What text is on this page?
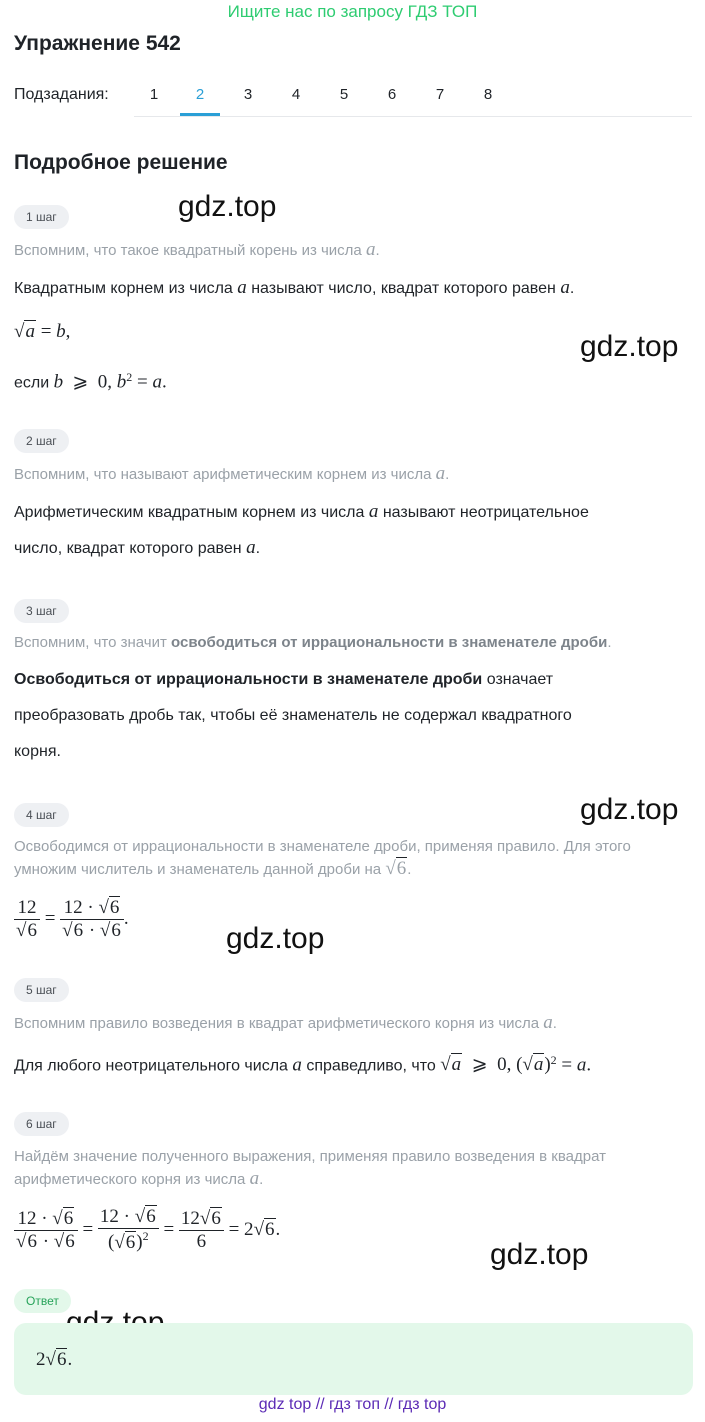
Ищите нас по запросу ГДЗ ТОП
Упражнение 542
Подзадания:	1	2	3	4	5	6	7	8
Подробное решение
gdz.top
gdz.top
gdz.top
gdz.top
gdz.top
1 шаг
Вспомним, что такое квадратный корень из числа a.
Квадратным корнем из числа a называют число, квадрат которого равен a.
√a = b,
если b  ⩾  0, $b^2 = a$.
2 шаг
Вспомним, что называют арифметическим корнем из числа a.
Арифметическим квадратным корнем из числа a называют неотрицательное
число, квадрат которого равен a.
3 шаг
Вспомним, что значит освободиться от иррациональности в знаменателе дроби.
Освободиться от иррациональности в знаменателе дроби означает
преобразовать дробь так, чтобы её знаменатель не содержал квадратного
корня.
4 шаг
Освободимся от иррациональности в знаменателе дроби, применяя правило. Для этого
умножим числитель и знаменатель данной дроби на √6.
$\frac{12}{√6} = \frac{12 \cdot √6}{√6 \cdot √6}$ .
5 шаг
Вспомним правило возведения в квадрат арифметического корня из числа a.
Для любого неотрицательного числа a справедливо, что √a  ⩾  0, $(√a)^2 = a$.
6 шаг
Найдём значение полученного выражения, применяя правило возведения в квадрат
арифметического корня из числа a.
$\frac{12 \cdot √6}{√6 \cdot √6} = \frac{12 \cdot √6}{(√6)^2} = \frac{12√6}{6} = 2√6$.
Ответ
2√6.
gdz top // гдз топ // гдз top
